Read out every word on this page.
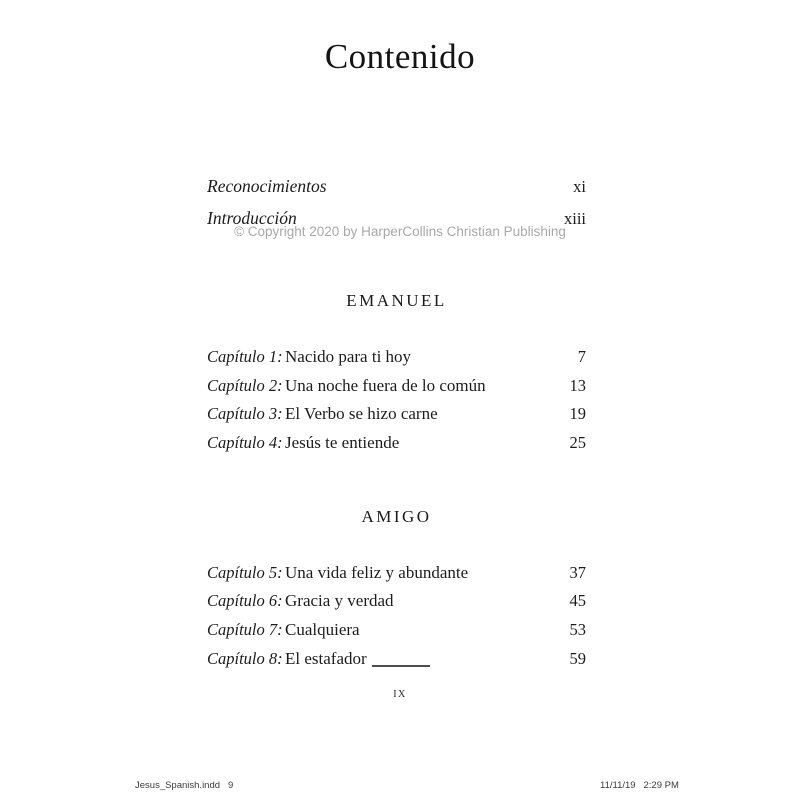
Contenido
© Copyright 2020 by HarperCollins Christian Publishing
Reconocimientos	xi
Introducción	xiii
EMANUEL
Capítulo 1: Nacido para ti hoy	7
Capítulo 2: Una noche fuera de lo común	13
Capítulo 3: El Verbo se hizo carne	19
Capítulo 4: Jesús te entiende	25
AMIGO
Capítulo 5: Una vida feliz y abundante	37
Capítulo 6: Gracia y verdad	45
Capítulo 7: Cualquiera	53
Capítulo 8: El estafador	59
ix
Jesus_Spanish.indd   9	11/11/19   2:29 PM
